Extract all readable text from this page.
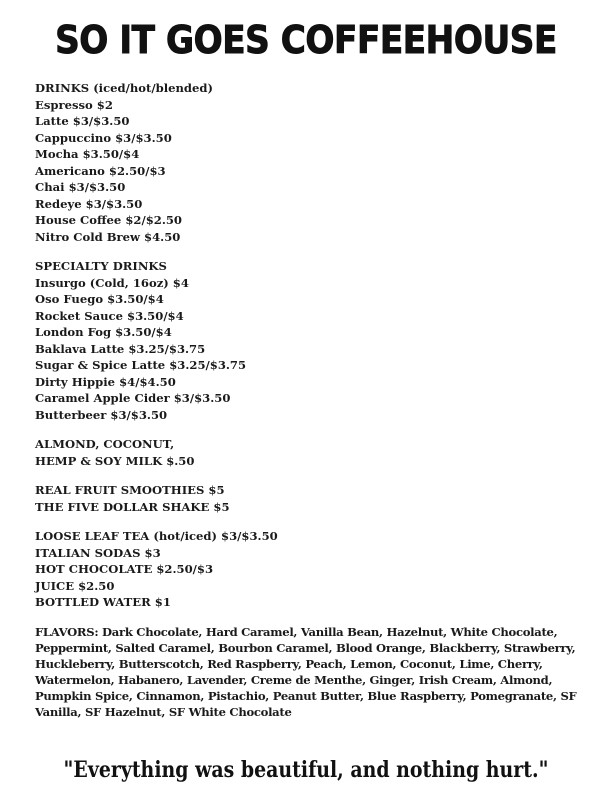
SO IT GOES COFFEEHOUSE
DRINKS (iced/hot/blended)
Espresso $2
Latte $3/$3.50
Cappuccino $3/$3.50
Mocha $3.50/$4
Americano $2.50/$3
Chai $3/$3.50
Redeye $3/$3.50
House Coffee $2/$2.50
Nitro Cold Brew $4.50
SPECIALTY DRINKS
Insurgo (Cold, 16oz) $4
Oso Fuego $3.50/$4
Rocket Sauce $3.50/$4
London Fog $3.50/$4
Baklava Latte $3.25/$3.75
Sugar & Spice Latte $3.25/$3.75
Dirty Hippie $4/$4.50
Caramel Apple Cider $3/$3.50
Butterbeer $3/$3.50
ALMOND, COCONUT,
HEMP & SOY MILK $.50
REAL FRUIT SMOOTHIES $5
THE FIVE DOLLAR SHAKE $5
LOOSE LEAF TEA (hot/iced) $3/$3.50
ITALIAN SODAS $3
HOT CHOCOLATE $2.50/$3
JUICE $2.50
BOTTLED WATER $1
FLAVORS: Dark Chocolate, Hard Caramel, Vanilla Bean, Hazelnut, White Chocolate, Peppermint, Salted Caramel, Bourbon Caramel, Blood Orange, Blackberry, Strawberry, Huckleberry, Butterscotch, Red Raspberry, Peach, Lemon, Coconut, Lime, Cherry, Watermelon, Habanero, Lavender, Creme de Menthe, Ginger, Irish Cream, Almond, Pumpkin Spice, Cinnamon, Pistachio, Peanut Butter, Blue Raspberry, Pomegranate, SF Vanilla, SF Hazelnut, SF White Chocolate
"Everything was beautiful, and nothing hurt."
